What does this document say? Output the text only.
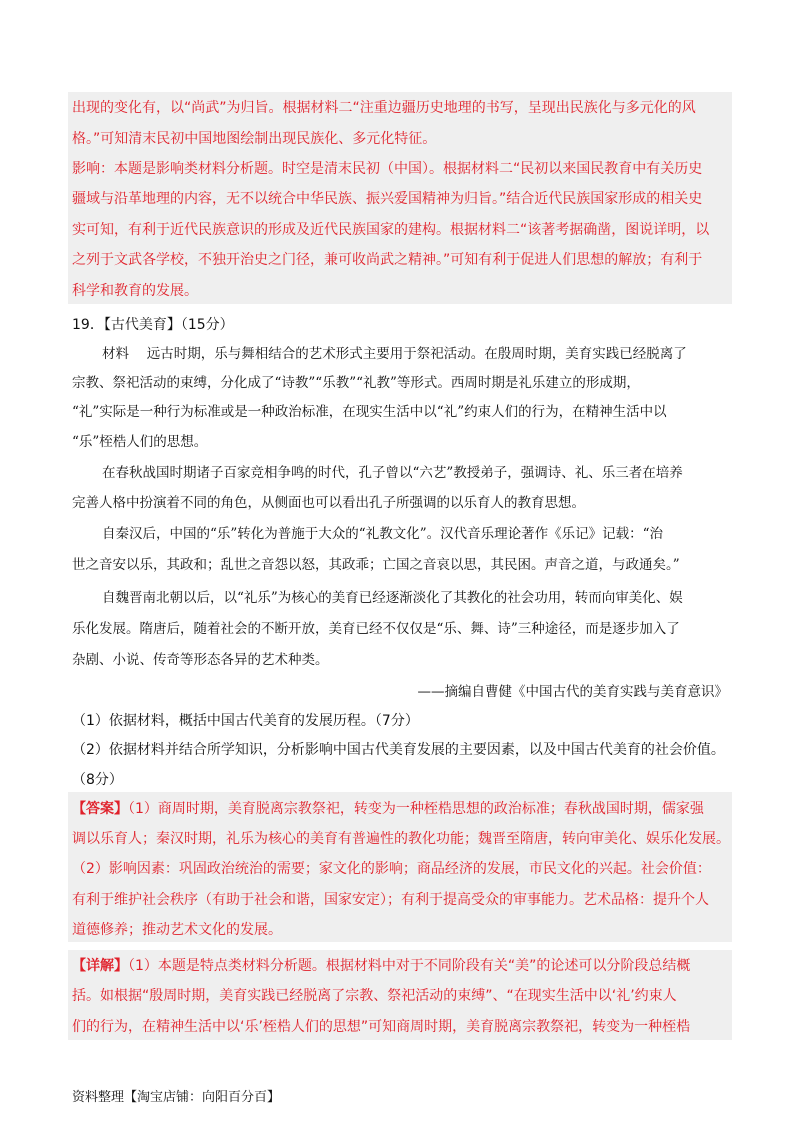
出现的变化有，以“尚武”为归旨。根据材料二“注重边疆历史地理的书写，呈现出民族化与多元化的风
格。”可知清末民初中国地图绘制出现民族化、多元化特征。
影响：本题是影响类材料分析题。时空是清末民初（中国）。根据材料二“民初以来国民教育中有关历史
疆域与沿革地理的内容，无不以统合中华民族、振兴爱国精神为归旨。”结合近代民族国家形成的相关史
实可知，有利于近代民族意识的形成及近代民族国家的建构。根据材料二“该著考据确凿，图说详明，以
之列于文武各学校，不独开治史之门径，兼可收尚武之精神。”可知有利于促进人们思想的解放；有利于
科学和教育的发展。
19．【古代美育】（15分）
材料　 远古时期，乐与舞相结合的艺术形式主要用于祭祀活动。在殷周时期，美育实践已经脱离了
宗教、祭祀活动的束缚，分化成了“诗教”“乐教”“礼教”等形式。西周时期是礼乐建立的形成期，
“礼”实际是一种行为标准或是一种政治标准，在现实生活中以“礼”约束人们的行为，在精神生活中以
“乐”桎梏人们的思想。
在春秋战国时期诸子百家竞相争鸣的时代，孔子曾以“六艺”教授弟子，强调诗、礼、乐三者在培养
完善人格中扮演着不同的角色，从侧面也可以看出孔子所强调的以乐育人的教育思想。
自秦汉后，中国的“乐”转化为普施于大众的“礼教文化”。汉代音乐理论著作《乐记》记载：“治
世之音安以乐，其政和；乱世之音怨以怒，其政乖；亡国之音哀以思，其民困。声音之道，与政通矣。”
自魏晋南北朝以后，以“礼乐”为核心的美育已经逐渐淡化了其教化的社会功用，转而向审美化、娱
乐化发展。隋唐后，随着社会的不断开放，美育已经不仅仅是“乐、舞、诗”三种途径，而是逐步加入了
杂剧、小说、传奇等形态各异的艺术种类。
——摘编自曹健《中国古代的美育实践与美育意识》
（1）依据材料，概括中国古代美育的发展历程。（7分）
（2）依据材料并结合所学知识，分析影响中国古代美育发展的主要因素，以及中国古代美育的社会价值。
（8分）
【答案】（1）商周时期，美育脱离宗教祭祀，转变为一种桎梏思想的政治标准；春秋战国时期，儒家强
调以乐育人；秦汉时期，礼乐为核心的美育有普遍性的教化功能；魏晋至隋唐，转向审美化、娱乐化发展。
（2）影响因素：巩固政治统治的需要；家文化的影响；商品经济的发展，市民文化的兴起。社会价值：
有利于维护社会秩序（有助于社会和谐，国家安定）；有利于提高受众的审事能力。艺术品格：提升个人
道德修养；推动艺术文化的发展。
【详解】（1）本题是特点类材料分析题。根据材料中对于不同阶段有关“美”的论述可以分阶段总结概
括。如根据“殷周时期，美育实践已经脱离了宗教、祭祀活动的束缚”、“在现实生活中以‘礼’约束人
们的行为，在精神生活中以‘乐’桎梏人们的思想”可知商周时期，美育脱离宗教祭祀，转变为一种桎梏
资料整理【淘宝店铺：向阳百分百】
